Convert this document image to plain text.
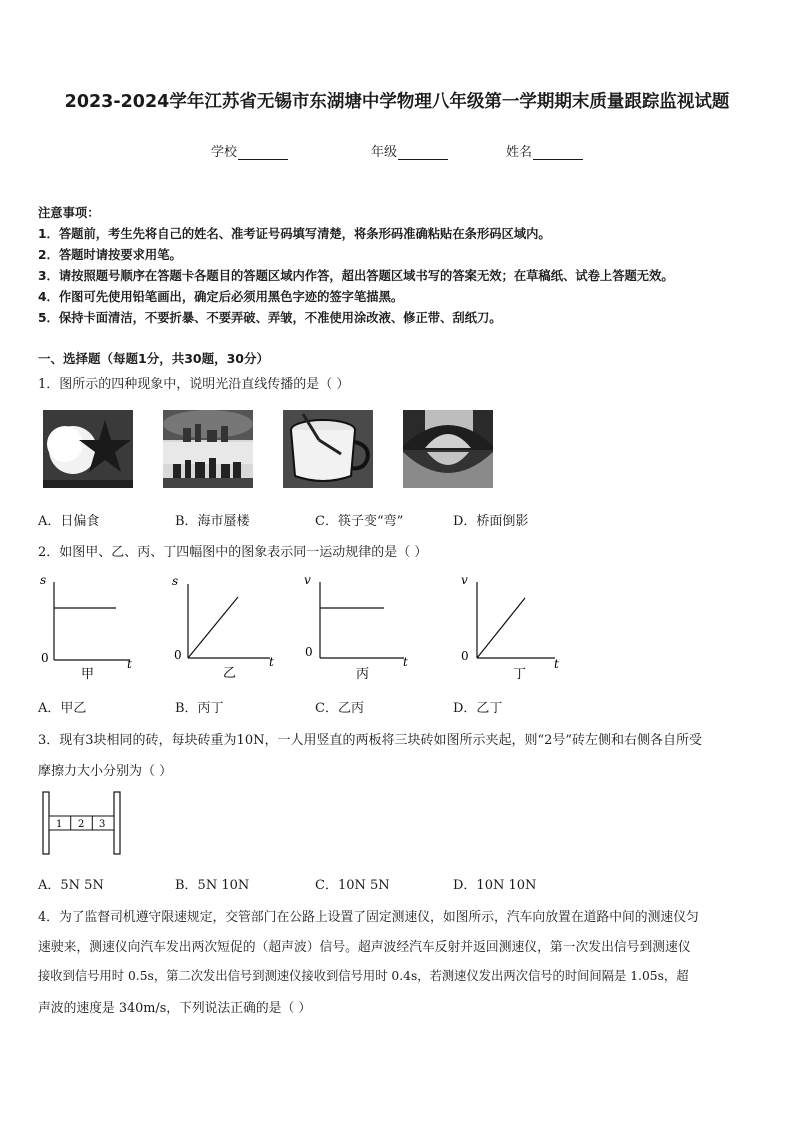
2023-2024学年江苏省无锡市东湖塘中学物理八年级第一学期期末质量跟踪监视试题
学校	年级	姓名
注意事项：
1．答题前，考生先将自己的姓名、准考证号码填写清楚，将条形码准确粘贴在条形码区域内。
2．答题时请按要求用笔。
3．请按照题号顺序在答题卡各题目的答题区域内作答，超出答题区域书写的答案无效；在草稿纸、试卷上答题无效。
4．作图可先使用铅笔画出，确定后必须用黑色字迹的签字笔描黑。
5．保持卡面清洁，不要折暴、不要弄破、弄皱，不准使用涂改液、修正带、刮纸刀。
一、选择题（每题1分，共30题，30分）
1．图所示的四种现象中，说明光沿直线传播的是（ ）
A．日偏食	B．海市蜃楼	C．筷子变“弯”	D．桥面倒影
2．如图甲、乙、丙、丁四幅图中的图象表示同一运动规律的是（ ）
s
0	t
甲
s
0	t
乙
v
0
t
丙
v
0
t
丁
A．甲乙	B．丙丁	C．乙丙	D．乙丁
3．现有3块相同的砖，每块砖重为10N，一人用竖直的两板将三块砖如图所示夹起，则“2号”砖左侧和右侧各自所受
摩擦力大小分别为（ ）
1 2 3
A．5N 5N	B．5N 10N	C．10N 5N	D．10N 10N
4．为了监督司机遵守限速规定，交管部门在公路上设置了固定测速仪，如图所示，汽车向放置在道路中间的测速仪匀
速驶来，测速仪向汽车发出两次短促的（超声波）信号。超声波经汽车反射并返回测速仪，第一次发出信号到测速仪
接收到信号用时 0.5s，第二次发出信号到测速仪接收到信号用时 0.4s，若测速仪发出两次信号的时间间隔是 1.05s，超
声波的速度是 340m/s，下列说法正确的是（ ）
